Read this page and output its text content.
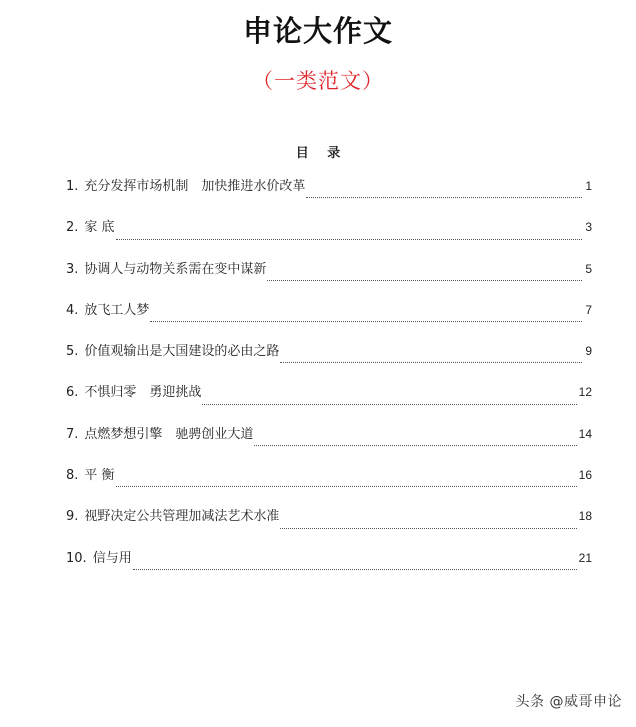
申论大作文
（一类范文）
目 录
1. 充分发挥市场机制　加快推进水价改革	1
2. 家 底	3
3. 协调人与动物关系需在变中谋新	5
4. 放飞工人梦	7
5. 价值观输出是大国建设的必由之路	9
6. 不惧归零　勇迎挑战	12
7. 点燃梦想引擎　驰骋创业大道	14
8. 平 衡	16
9. 视野决定公共管理加减法艺术水准	18
10. 信与用	21
头条 @威哥申论
